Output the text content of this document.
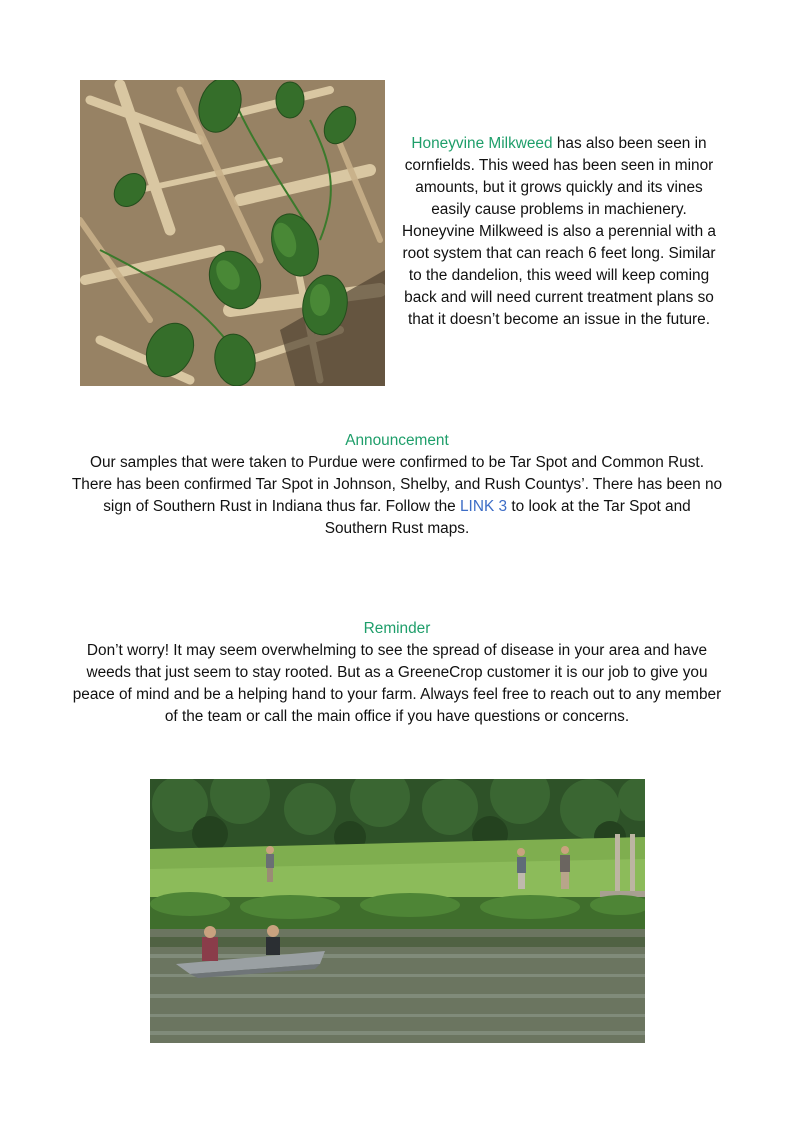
Honeyvine Milkweed has also been seen in cornfields. This weed has been seen in minor amounts, but it grows quickly and its vines easily cause problems in machienery. Honeyvine Milkweed is also a perennial with a root system that can reach 6 feet long. Similar to the dandelion, this weed will keep coming back and will need current treatment plans so that it doesn’t become an issue in the future.

Announcement
Our samples that were taken to Purdue were confirmed to be Tar Spot and Common Rust. There has been confirmed Tar Spot in Johnson, Shelby, and Rush Countys’. There has been no sign of Southern Rust in Indiana thus far. Follow the LINK 3 to look at the Tar Spot and Southern Rust maps.
Reminder
Don’t worry! It may seem overwhelming to see the spread of disease in your area and have weeds that just seem to stay rooted. But as a GreeneCrop customer it is our job to give you peace of mind and be a helping hand to your farm. Always feel free to reach out to any member of the team or call the main office if you have questions or concerns.
